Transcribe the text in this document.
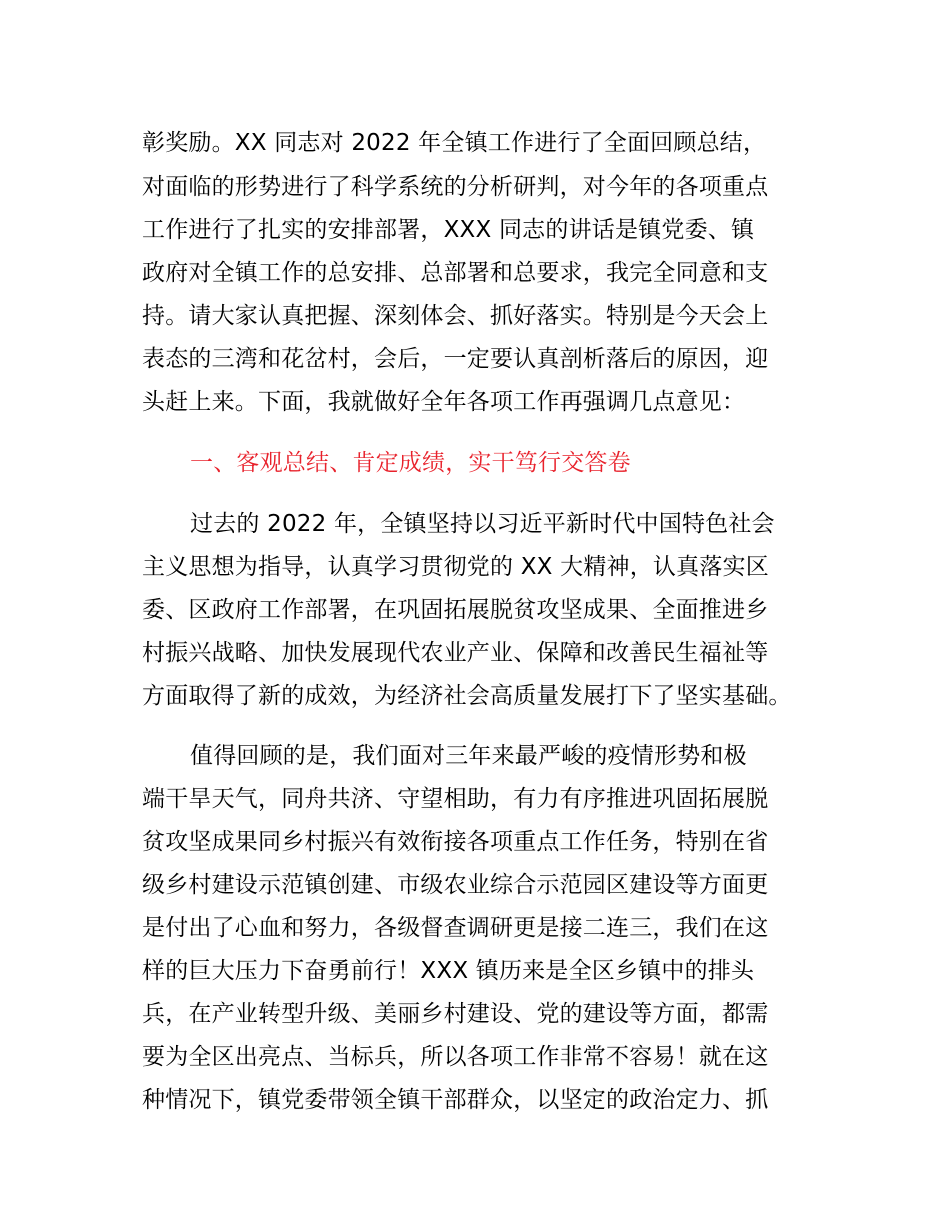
彰奖励。XX 同志对 2022 年全镇工作进行了全面回顾总结，

对面临的形势进行了科学系统的分析研判，对今年的各项重点

工作进行了扎实的安排部署，XXX 同志的讲话是镇党委、镇

政府对全镇工作的总安排、总部署和总要求，我完全同意和支

持。请大家认真把握、深刻体会、抓好落实。特别是今天会上

表态的三湾和花岔村，会后，一定要认真剖析落后的原因，迎

头赶上来。下面，我就做好全年各项工作再强调几点意见：

一、客观总结、肯定成绩，实干笃行交答卷

过去的 2022 年，全镇坚持以习近平新时代中国特色社会

主义思想为指导，认真学习贯彻党的 XX 大精神，认真落实区

委、区政府工作部署，在巩固拓展脱贫攻坚成果、全面推进乡

村振兴战略、加快发展现代农业产业、保障和改善民生福祉等

方面取得了新的成效，为经济社会高质量发展打下了坚实基础。

值得回顾的是，我们面对三年来最严峻的疫情形势和极

端干旱天气，同舟共济、守望相助，有力有序推进巩固拓展脱

贫攻坚成果同乡村振兴有效衔接各项重点工作任务，特别在省

级乡村建设示范镇创建、市级农业综合示范园区建设等方面更

是付出了心血和努力，各级督查调研更是接二连三，我们在这

样的巨大压力下奋勇前行！XXX 镇历来是全区乡镇中的排头

兵，在产业转型升级、美丽乡村建设、党的建设等方面，都需

要为全区出亮点、当标兵，所以各项工作非常不容易！就在这

种情况下，镇党委带领全镇干部群众，以坚定的政治定力、抓
